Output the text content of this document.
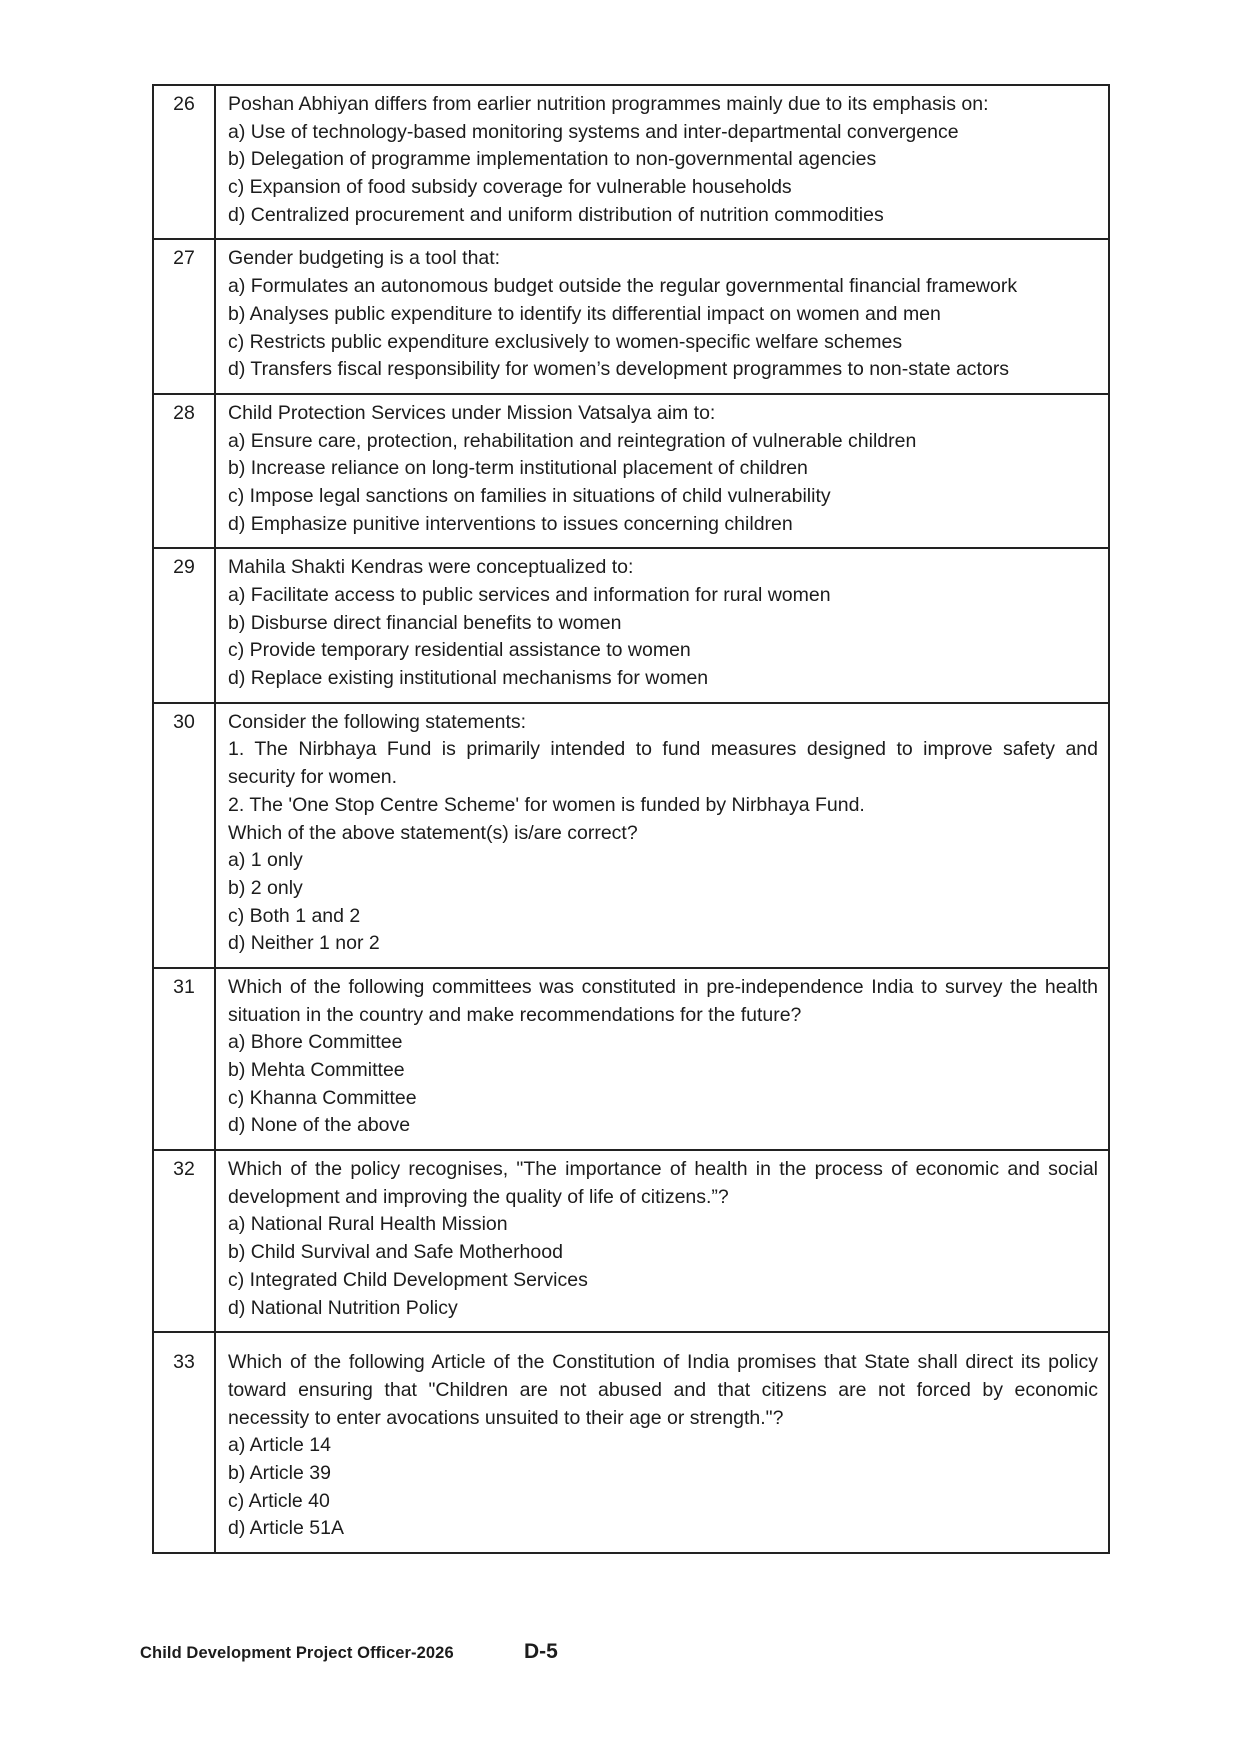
26	Poshan Abhiyan differs from earlier nutrition programmes mainly due to its emphasis on:

a) Use of technology-based monitoring systems and inter-departmental convergence
b) Delegation of programme implementation to non-governmental agencies
c) Expansion of food subsidy coverage for vulnerable households
d) Centralized procurement and uniform distribution of nutrition commodities

27	Gender budgeting is a tool that:

a) Formulates an autonomous budget outside the regular governmental financial framework
b) Analyses public expenditure to identify its differential impact on women and men
c) Restricts public expenditure exclusively to women-specific welfare schemes
d) Transfers fiscal responsibility for women’s development programmes to non-state actors

28	Child Protection Services under Mission Vatsalya aim to:

a) Ensure care, protection, rehabilitation and reintegration of vulnerable children
b) Increase reliance on long-term institutional placement of children
c) Impose legal sanctions on families in situations of child vulnerability
d) Emphasize punitive interventions to issues concerning children

29	Mahila Shakti Kendras were conceptualized to:

a) Facilitate access to public services and information for rural women
b) Disburse direct financial benefits to women
c) Provide temporary residential assistance to women
d) Replace existing institutional mechanisms for women

30	Consider the following statements:

1. The Nirbhaya Fund is primarily intended to fund measures designed to improve safety and security for women.

2. The 'One Stop Centre Scheme' for women is funded by Nirbhaya Fund.

Which of the above statement(s) is/are correct?

a) 1 only
b) 2 only
c) Both 1 and 2
d) Neither 1 nor 2

31	Which of the following committees was constituted in pre-independence India to survey the health situation in the country and make recommendations for the future?

a) Bhore Committee
b) Mehta Committee
c) Khanna Committee
d) None of the above

32	Which of the policy recognises, "The importance of health in the process of economic and social development and improving the quality of life of citizens.”?

a) National Rural Health Mission
b) Child Survival and Safe Motherhood
c) Integrated Child Development Services
d) National Nutrition Policy

33	Which of the following Article of the Constitution of India promises that State shall direct its policy toward ensuring that "Children are not abused and that citizens are not forced by economic necessity to enter avocations unsuited to their age or strength."?

a) Article 14
b) Article 39
c) Article 40
d) Article 51A
Child Development Project Officer-2026	D-5
